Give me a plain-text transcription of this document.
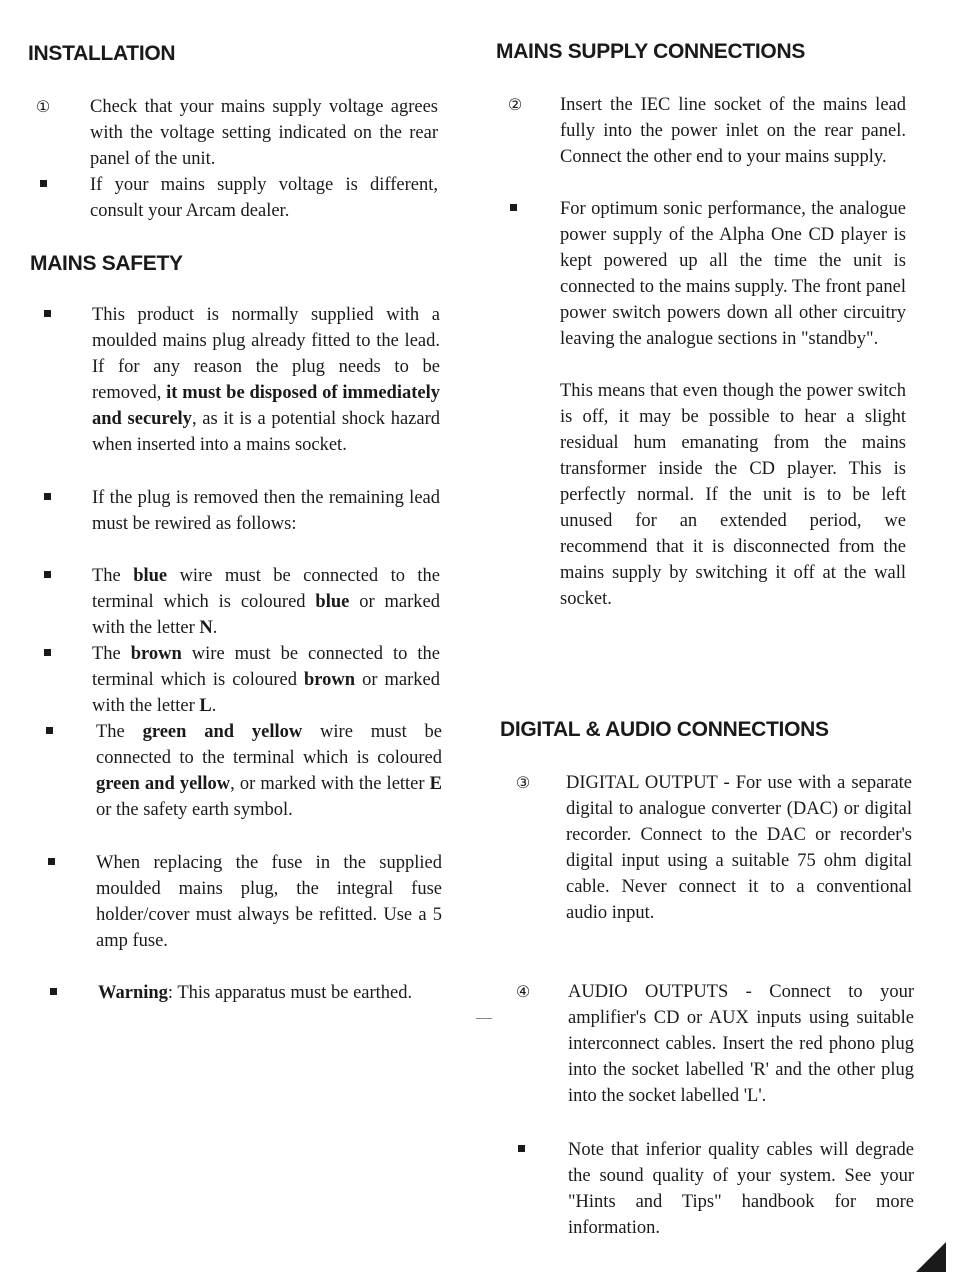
INSTALLATION
①	Check that your mains supply voltage agrees with the voltage setting indicated on the rear panel of the unit.
If your mains supply voltage is different, consult your Arcam dealer.
MAINS SAFETY
This product is normally supplied with a moulded mains plug already fitted to the lead. If for any reason the plug needs to be removed, it must be disposed of immediately and securely, as it is a potential shock hazard when inserted into a mains socket.
If the plug is removed then the remaining lead must be rewired as follows:
The blue wire must be connected to the terminal which is coloured blue or marked with the letter N.
The brown wire must be connected to the terminal which is coloured brown or marked with the letter L.
The green and yellow wire must be connected to the terminal which is coloured green and yellow, or marked with the letter E or the safety earth symbol.
When replacing the fuse in the supplied moulded mains plug, the integral fuse holder/cover must always be refitted. Use a 5 amp fuse.
Warning: This apparatus must be earthed.
MAINS SUPPLY CONNECTIONS
②	Insert the IEC line socket of the mains lead fully into the power inlet on the rear panel. Connect the other end to your mains supply.
For optimum sonic performance, the analogue power supply of the Alpha One CD player is kept powered up all the time the unit is connected to the mains supply. The front panel power switch powers down all other circuitry leaving the analogue sections in "standby".
This means that even though the power switch is off, it may be possible to hear a slight residual hum emanating from the mains transformer inside the CD player. This is perfectly normal. If the unit is to be left unused for an extended period, we recommend that it is disconnected from the mains supply by switching it off at the wall socket.
DIGITAL & AUDIO CONNECTIONS
③	DIGITAL OUTPUT - For use with a separate digital to analogue converter (DAC) or digital recorder. Connect to the DAC or recorder's digital input using a suitable 75 ohm digital cable. Never connect it to a conventional audio input.
④	AUDIO OUTPUTS - Connect to your amplifier's CD or AUX inputs using suitable interconnect cables. Insert the red phono plug into the socket labelled 'R' and the other plug into the socket labelled 'L'.
Note that inferior quality cables will degrade the sound quality of your system. See your "Hints and Tips" handbook for more information.
